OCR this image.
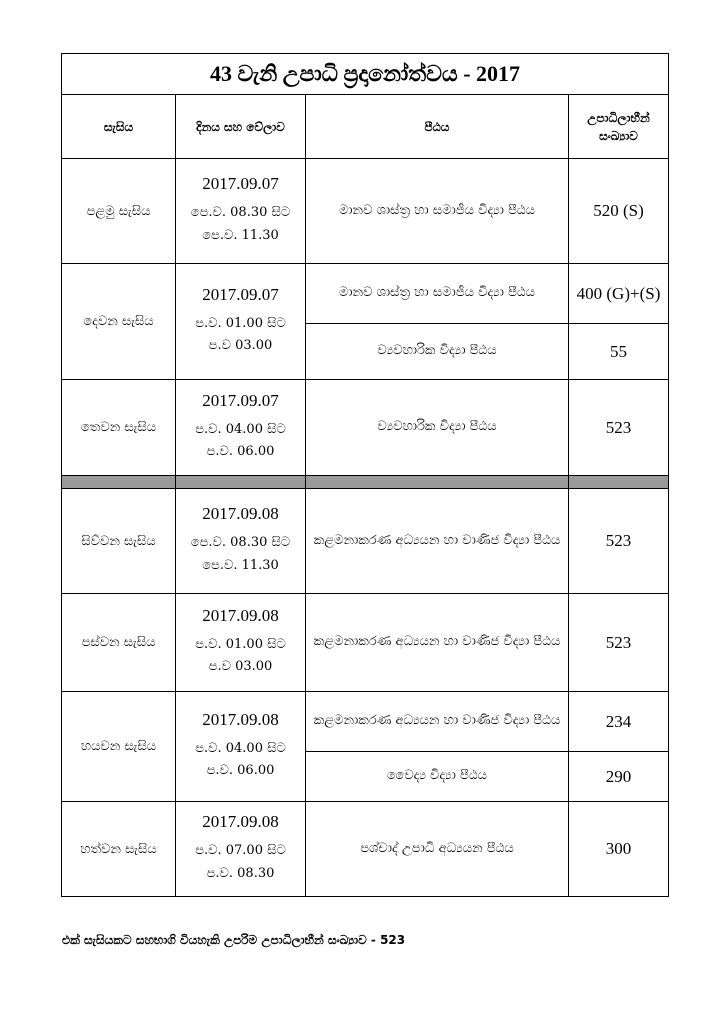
43 වැනි උපාධි ප්‍රදානෝත්වය - 2017			
සැසිය	දිනය සහ වේලාව	පීඨය	උපාධිලාභීන් සංඛ්‍යාව
පළමු සැසිය	2017.09.07
පෙ.ව. 08.30 සිට
පෙ.ව. 11.30	මානව ශාස්ත්‍ර හා සමාජීය විද්‍යා පීඨය	520 (S)
දෙවන සැසිය	2017.09.07
ප.ව. 01.00 සිට
ප.ව 03.00	මානව ශාස්ත්‍ර හා සමාජීය විද්‍යා පීඨය	400 (G)+(S)
		ව්‍යවහාරික විද්‍යා පීඨය	55
තෙවන සැසිය	2017.09.07
ප.ව. 04.00 සිට
ප.ව. 06.00	ව්‍යවහාරික විද්‍යා පීඨය	523

සිව්වන සැසිය	2017.09.08
පෙ.ව. 08.30 සිට
පෙ.ව. 11.30	කළමනාකරණ අධ්‍යයන හා වාණිජ විද්‍යා පීඨය	523
පස්වන සැසිය	2017.09.08
ප.ව. 01.00 සිට
ප.ව 03.00	කළමනාකරණ අධ්‍යයන හා වාණිජ විද්‍යා පීඨය	523
හයවන සැසිය	2017.09.08
ප.ව. 04.00 සිට
ප.ව. 06.00	කළමනාකරණ අධ්‍යයන හා වාණිජ විද්‍යා පීඨය	234
		වෛද්‍ය විද්‍යා පීඨය	290
හත්වන සැසිය	2017.09.08
ප.ව. 07.00 සිට
ප.ව. 08.30	පශ්චාද් උපාධි අධ්‍යයන පීඨය	300
එක් සැසියකට සහභාගි වියහැකි උපරිම උපාධිලාභීන් සංඛ්‍යාව - 523
